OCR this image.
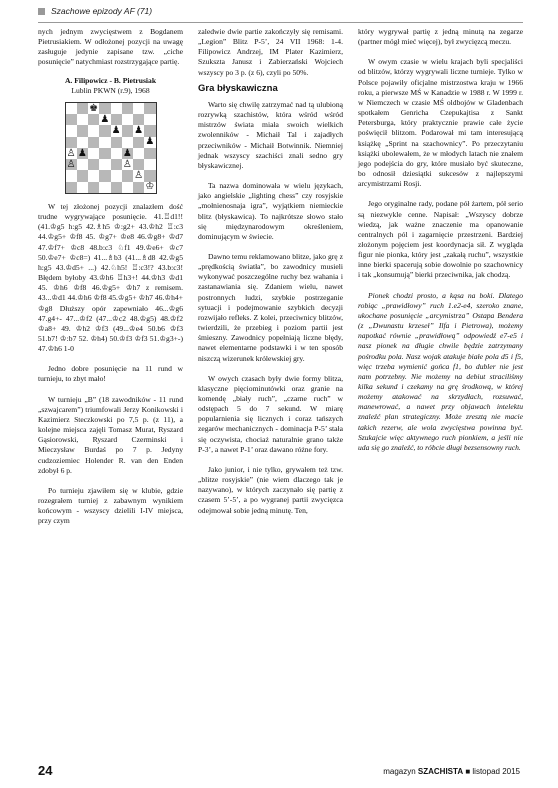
Szachowe epizody AF (71)

nych jednym zwycięstwem z Bogdanem Pietrusiakiem. W odłożonej pozycji na uwagę zasługuje jedynie zapisane tzw. „ciche posunięcie” natychmiast rozstrzygające partię.

A. Filipowicz - B. Pietrusiak

Lublin PKWN (r.9), 1968

♚
♟
♟ ♟
♟
♙ ♟	♟
♙	♙
♙
♔

W tej złożonej pozycji znalazłem dość trudne wygrywające posunięcie. 41.♖d1!! (41.♔g5 h:g5 42.♗h5 ♔:g2+ 43.♔h2 ♖:c3 44.♔g5+ ♔f8 45. ♔g7+ ♔e8 46.♔g8+ ♔d7 47.♔f7+ ♔c8 48.b:c3 ♘f1 49.♔e6+ ♔c7 50.♔e7+ ♔c8=) 41...♗b3 (41...♗d8 42.♔g5 h:g5 43.♔d5+ ...) 42.♘h5! ♖:c3!? 43.b:c3! Błędem byłoby 43.♔h6 ♖h3+! 44.♔h3 ♔d1 45. ♔h6 ♔f8 46.♔g5+ ♔h7 z remisem. 43...♔d1 44.♔h6 ♔f8 45.♔g5+ ♔h7 46.♔h4+ ♔g8 Dłuższy opór zapewniało 46...♔g6 47.g4+- 47...♔f2 (47...♔c2 48.♔g5) 48.♔f2 ♔a8+ 49. ♔h2 ♔f3 (49...♔e4 50.b6 ♔f3 51.b7! ♔:b7 52. ♔h4) 50.♔f3 ♔f3 51.♔g3+-) 47.♔h6 1-0

Jedno dobre posunięcie na 11 rund w turnieju, to zbyt mało!

W turnieju „B” (18 zawodników - 11 rund „szwajcarem”) triumfowali Jerzy Konikowski i Kazimierz Steczkowski po 7,5 p. (z 11), a kolejne miejsca zajęli Tomasz Murat, Ryszard Gąsiorowski, Ryszard Czerminski i Mieczysław Burdaś po 7 p. Jedyny cudzoziemiec Holender R. van den Enden zdobył 6 p.

Po turnieju zjawiłem się w klubie, gdzie rozegrałem turniej z zabawnym wynikiem końcowym - wszyscy dzielili I-IV miejsca, przy czym

zaledwie dwie partie zakończyły się remisami. „Legion” Blitz P-5’, 24 VII 1968: 1-4. Filipowicz Andrzej, IM Plater Kazimierz, Szukszta Janusz i Zabierzański Wojciech wszyscy po 3 p. (z 6), czyli po 50%.

Gra błyskawiczna

Warto się chwilę zatrzymać nad tą ulubioną rozrywką szachistów, która wśród wśród mistrzów świata miała swoich wielkich zwolenników - Michaił Tal i zajadłych przeciwników - Michaił Botwinnik. Niemniej jednak wszyscy szachiści znali sedno gry błyskawicznej.

Ta nazwa dominowała w wielu językach, jako angielskie „lighting chess” czy rosyjskie „mołnienosnaja igra”, wyjątkiem niemieckie blitz (błyskawica). To najkrótsze słowo stało się międzynarodowym określeniem, dominującym w świecie.

Dawno temu reklamowano blitze, jako grę z „prędkością światła”, bo zawodnicy musieli wykonywać poszczególne ruchy bez wahania i zastanawiania się. Zdaniem wielu, nawet postronnych ludzi, szybkie postrzeganie sytuacji i podejmowanie szybkich decyzji rozwijało refleks. Z kolei, przeciwnicy blitzów, twierdzili, że przebieg i poziom partii jest śmieszny. Zawodnicy popełniają liczne błędy, nawet elementarne podstawki i w ten sposób niszczą wizerunek królewskiej gry.

W owych czasach były dwie formy blitza, klasyczne pięciominutówki oraz granie na komendę „biały ruch”, „czarne ruch” w odstępach 5 do 7 sekund. W miarę popularnienia się licznych i coraz tańszych zegarów mechanicznych - dominacja P-5’ stała się oczywista, chociaż naturalnie grano także P-3’, a nawet P-1’ oraz dawano różne fory.

Jako junior, i nie tylko, grywałem też tzw. „blitze rosyjskie” (nie wiem dlaczego tak je nazywano), w których zaczynało się partię z czasem 5’-5’, a po wygranej partii zwycięzca odejmował sobie jedną minutę. Ten,

który wygrywał partię z jedną minutą na zegarze (partner mógł mieć więcej), był zwycięzcą meczu.

W owym czasie w wielu krajach byli specjaliści od blitzów, którzy wygrywali liczne turnieje. Tylko w Polsce pojawiły oficjalne mistrzostwa kraju w 1966 roku, a pierwsze MŚ w Kanadzie w 1988 r. W 1999 r. w Niemczech w czasie MŚ oldbojów w Gladenbach spotkałem Genricha Czepukajtisa z Sankt Petersburga, który praktycznie prawie całe życie poświęcił blitzom. Podarował mi tam interesującą książkę „Sprint na szachownicy”. Po przeczytaniu książki ubolewałem, że w młodych latach nie znałem jego podejścia do gry, które musiało być skuteczne, bo odnosił dziesiątki sukcesów z najlepszymi arcymistrzami Rosji.

Jego oryginalne rady, podane pół żartem, pół serio są niezwykle cenne. Napisał: „Wszyscy dobrze wiedzą, jak ważne znaczenie ma opanowanie centralnych pól i zagarnięcie przestrzeni. Bardziej złożonym pojęciem jest koordynacja sił. Z wygląda figur nie pionka, który jest „zakałą ruchu”, wszystkie inne bierki spacerują sobie dowolnie po szachownicy i tak „konsumują” bierki przeciwnika, jak chodzą.

Pionek chodzi prosto, a kąsa na boki. Dlatego robiąc „prawidłowy” ruch 1.e2-e4, szeroko znane, ukochane posunięcie „arcymistrza” Ostapa Bendera (z „Dwunastu krzeseł” Ilfa i Pietrowa), możemy napotkać równie „prawidłową” odpowiedź e7-e5 i nasz pionek na długie chwile będzie zatrzymany pośrodku pola. Nasz wojak atakuje białe pola d5 i f5, więc trzeba wymienić gońca f1, bo dubler nie jest nam potrzebny. Nie możemy na debiut straciliśmy kilka sekund i czekamy na grę środkową, w której możemy atakować na skrzydłach, rozsuwać, manewrować, a nawet przy objawach intelektu znaleźć plan strategiczny. Może zresztą nie macie takich rezerw, ale wola zwycięstwa powinna być. Szukajcie więc aktywnego ruch pionkiem, a jeśli nie uda się go znaleźć, to róbcie długi bezsensowny ruch.

24	magazyn SZACHISTA ■ listopad 2015
